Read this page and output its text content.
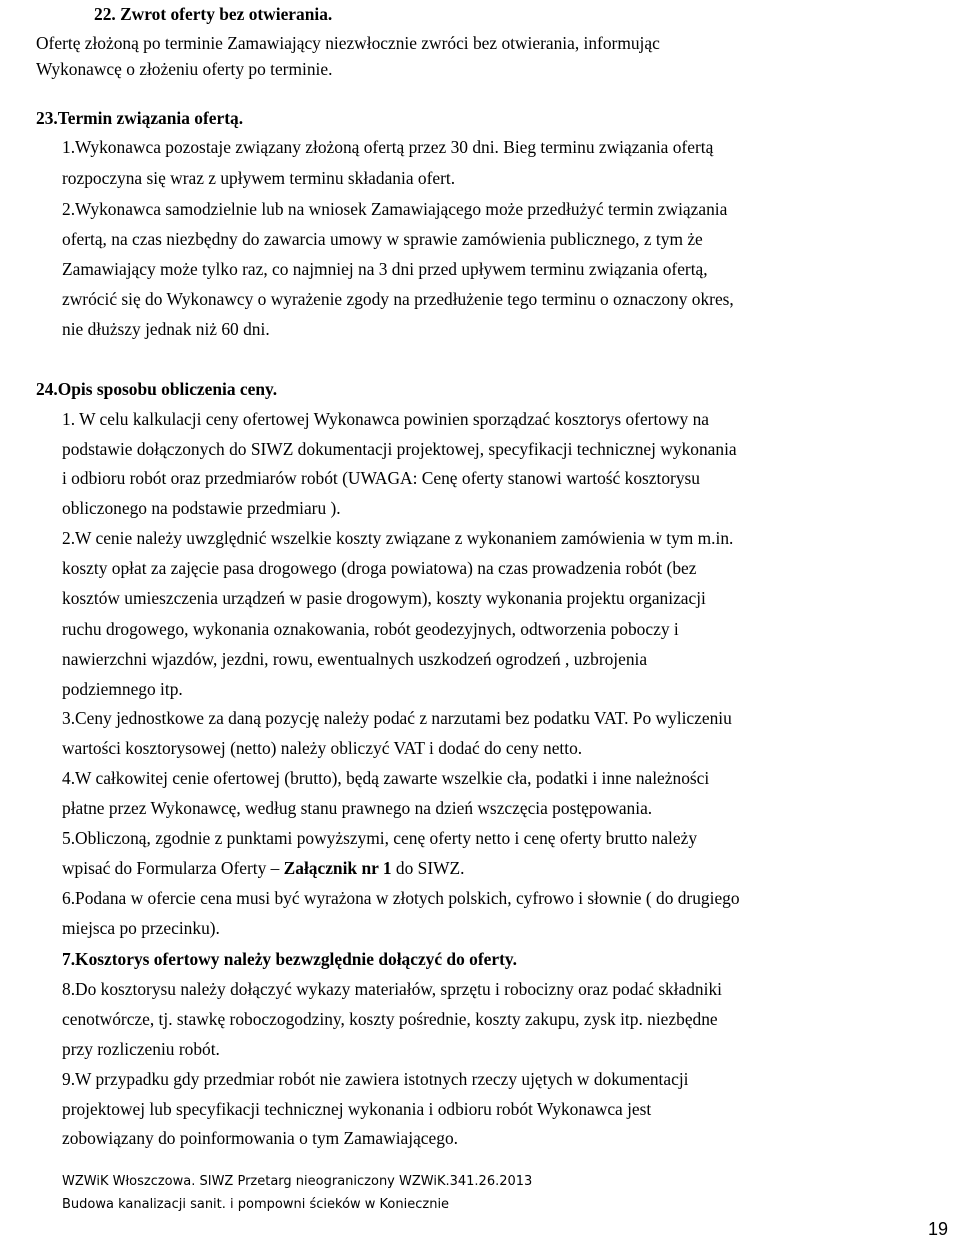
22. Zwrot oferty bez otwierania.
Ofertę złożoną po terminie Zamawiający niezwłocznie zwróci bez otwierania, informując
Wykonawcę o złożeniu oferty po terminie.
23.Termin związania ofertą.
1.Wykonawca pozostaje związany złożoną ofertą przez 30 dni. Bieg terminu związania ofertą
rozpoczyna się wraz z upływem terminu składania ofert.
2.Wykonawca samodzielnie lub na wniosek Zamawiającego może przedłużyć termin związania
ofertą, na czas niezbędny do zawarcia umowy w sprawie zamówienia publicznego, z tym że
Zamawiający może tylko raz, co najmniej na 3 dni przed upływem terminu związania ofertą,
zwrócić się do Wykonawcy o wyrażenie zgody na przedłużenie tego terminu o oznaczony okres,
nie dłuższy jednak niż 60 dni.
24.Opis sposobu obliczenia ceny.
1. W celu kalkulacji ceny ofertowej Wykonawca powinien sporządzać kosztorys ofertowy na
podstawie dołączonych do SIWZ dokumentacji projektowej, specyfikacji technicznej wykonania
i odbioru robót oraz przedmiarów robót (UWAGA: Cenę oferty stanowi wartość kosztorysu
obliczonego na podstawie przedmiaru ).
2.W cenie należy uwzględnić wszelkie koszty związane z wykonaniem zamówienia w tym m.in.
koszty opłat za zajęcie pasa drogowego (droga powiatowa) na czas prowadzenia robót (bez
kosztów umieszczenia urządzeń w pasie drogowym), koszty wykonania projektu organizacji
ruchu drogowego, wykonania oznakowania, robót geodezyjnych, odtworzenia poboczy i
nawierzchni wjazdów, jezdni, rowu, ewentualnych uszkodzeń ogrodzeń , uzbrojenia
podziemnego itp.
3.Ceny jednostkowe za daną pozycję należy podać z narzutami bez podatku VAT. Po wyliczeniu
wartości kosztorysowej (netto) należy obliczyć VAT i dodać do ceny netto.
4.W całkowitej cenie ofertowej (brutto), będą zawarte wszelkie cła, podatki i inne należności
płatne przez Wykonawcę, według stanu prawnego na dzień wszczęcia postępowania.
5.Obliczoną, zgodnie z punktami powyższymi, cenę oferty netto i cenę oferty brutto należy
wpisać do Formularza Oferty – Załącznik nr 1 do SIWZ.
6.Podana w ofercie cena musi być wyrażona w złotych polskich, cyfrowo i słownie ( do drugiego
miejsca po przecinku).
7.Kosztorys ofertowy należy bezwzględnie dołączyć do oferty.
8.Do kosztorysu należy dołączyć wykazy materiałów, sprzętu i robocizny oraz podać składniki
cenotwórcze, tj. stawkę roboczogodziny, koszty pośrednie, koszty zakupu, zysk itp. niezbędne
przy rozliczeniu robót.
9.W przypadku gdy przedmiar robót nie zawiera istotnych rzeczy ujętych w dokumentacji
projektowej lub specyfikacji technicznej wykonania i odbioru robót Wykonawca jest
zobowiązany do poinformowania o tym Zamawiającego.
WZWiK Włoszczowa. SIWZ Przetarg nieograniczony WZWiK.341.26.2013
Budowa kanalizacji sanit. i pompowni ścieków w Koniecznie
19
